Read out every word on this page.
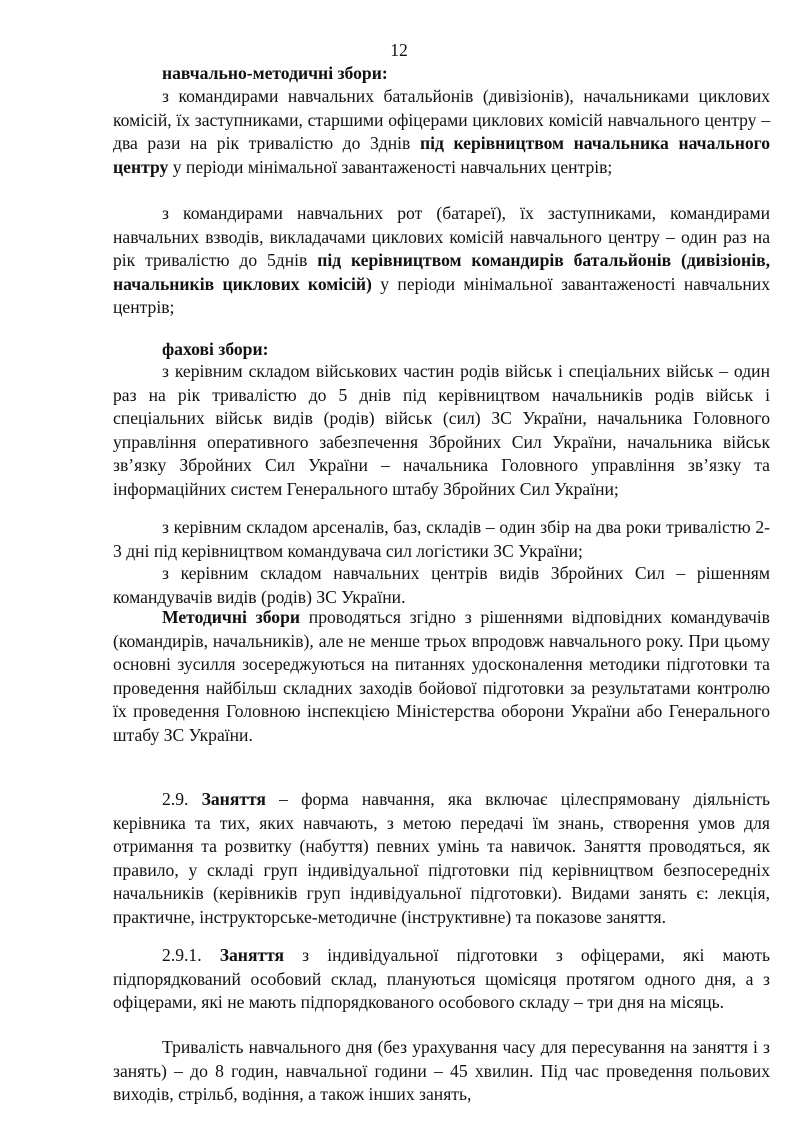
12
навчально-методичні збори:
з командирами навчальних батальйонів (дивізіонів), начальниками циклових комісій, їх заступниками, старшими офіцерами циклових комісій навчального центру – два рази на рік тривалістю до 3днів під керівництвом начальника начального центру у періоди мінімальної завантаженості навчальних центрів;
з командирами навчальних рот (батареї), їх заступниками, командирами навчальних взводів, викладачами циклових комісій навчального центру – один раз на рік тривалістю до 5днів під керівництвом командирів батальйонів (дивізіонів, начальників циклових комісій) у періоди мінімальної завантаженості навчальних центрів;
фахові збори:
з керівним складом військових частин родів військ і спеціальних військ – один раз на рік тривалістю до 5 днів під керівництвом начальників родів військ і спеціальних військ видів (родів) військ (сил) ЗС України, начальника Головного управління оперативного забезпечення Збройних Сил України, начальника військ зв’язку Збройних Сил України – начальника Головного управління зв’язку та інформаційних систем Генерального штабу Збройних Сил України;
з керівним складом арсеналів, баз, складів – один збір на два роки тривалістю 2-3 дні під керівництвом командувача сил логістики ЗС України;
з керівним складом навчальних центрів видів Збройних Сил – рішенням командувачів видів (родів) ЗС України.
Методичні збори проводяться згідно з рішеннями відповідних командувачів (командирів, начальників), але не менше трьох впродовж навчального року. При цьому основні зусилля зосереджуються на питаннях удосконалення методики підготовки та проведення найбільш складних заходів бойової підготовки за результатами контролю їх проведення Головною інспекцією Міністерства оборони України або Генерального штабу ЗС України.
2.9. Заняття – форма навчання, яка включає цілеспрямовану діяльність керівника та тих, яких навчають, з метою передачі їм знань, створення умов для отримання та розвитку (набуття) певних умінь та навичок. Заняття проводяться, як правило, у складі груп індивідуальної підготовки під керівництвом безпосередніх начальників (керівників груп індивідуальної підготовки). Видами занять є: лекція, практичне, інструкторське-методичне (інструктивне) та показове заняття.
2.9.1. Заняття з індивідуальної підготовки з офіцерами, які мають підпорядкований особовий склад, плануються щомісяця протягом одного дня, а з офіцерами, які не мають підпорядкованого особового складу – три дня на місяць.
Тривалість навчального дня (без урахування часу для пересування на заняття і з занять) – до 8 годин, навчальної години – 45 хвилин. Під час проведення польових виходів, стрільб, водіння, а також інших занять,
